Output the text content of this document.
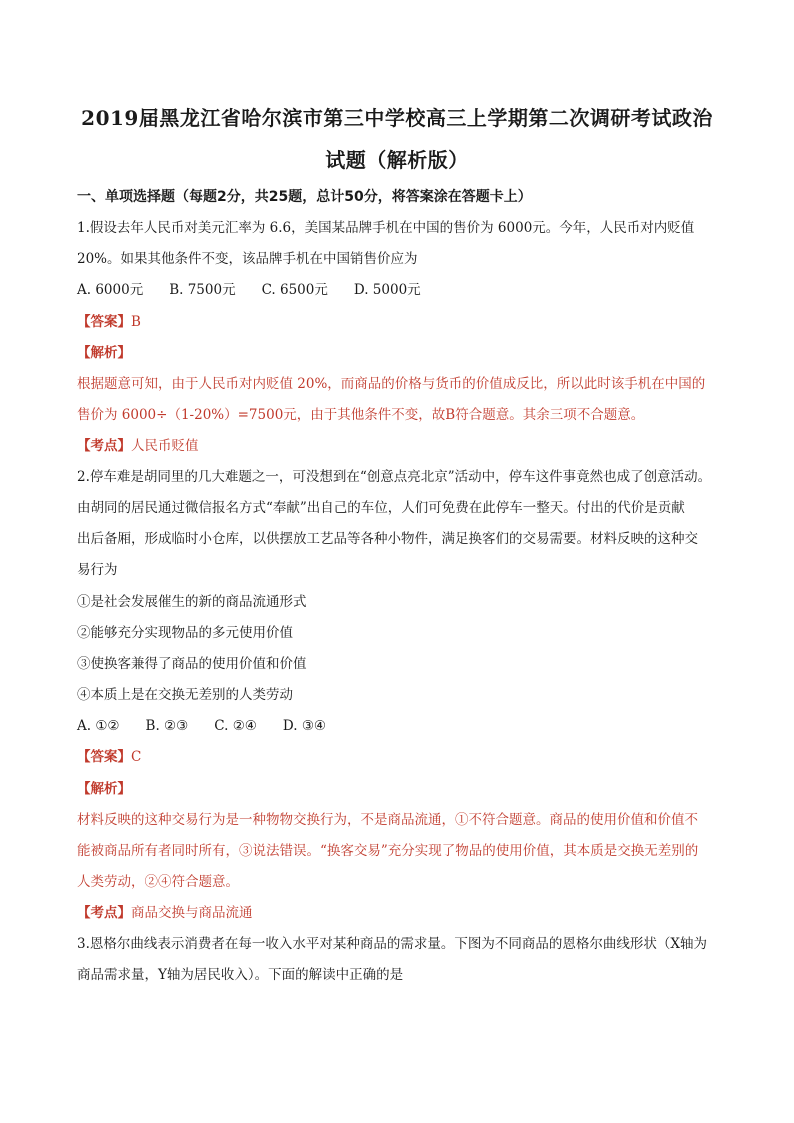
2019届黑龙江省哈尔滨市第三中学校高三上学期第二次调研考试政治
试题（解析版）
一、单项选择题（每题2分，共25题，总计50分，将答案涂在答题卡上）
1.假设去年人民币对美元汇率为 6.6，美国某品牌手机在中国的售价为 6000元。今年，人民币对内贬值
20%。如果其他条件不变，该品牌手机在中国销售价应为
A. 6000元 B. 7500元 C. 6500元 D. 5000元
【答案】B
【解析】
根据题意可知，由于人民币对内贬值 20%，而商品的价格与货币的价值成反比，所以此时该手机在中国的
售价为 6000÷（1-20%）=7500元，由于其他条件不变，故B符合题意。其余三项不合题意。
【考点】人民币贬值
2.停车难是胡同里的几大难题之一，可没想到在“创意点亮北京”活动中，停车这件事竟然也成了创意活动。
由胡同的居民通过微信报名方式“奉献”出自己的车位，人们可免费在此停车一整天。付出的代价是贡献
出后备厢，形成临时小仓库，以供摆放工艺品等各种小物件，满足换客们的交易需要。材料反映的这种交
易行为
①是社会发展催生的新的商品流通形式
②能够充分实现物品的多元使用价值
③使换客兼得了商品的使用价值和价值
④本质上是在交换无差别的人类劳动
A. ①② B. ②③ C. ②④ D. ③④
【答案】C
【解析】
材料反映的这种交易行为是一种物物交换行为，不是商品流通，①不符合题意。商品的使用价值和价值不
能被商品所有者同时所有，③说法错误。“换客交易”充分实现了物品的使用价值，其本质是交换无差别的
人类劳动，②④符合题意。
【考点】商品交换与商品流通
3.恩格尔曲线表示消费者在每一收入水平对某种商品的需求量。下图为不同商品的恩格尔曲线形状（X轴为
商品需求量，Y轴为居民收入）。下面的解读中正确的是
